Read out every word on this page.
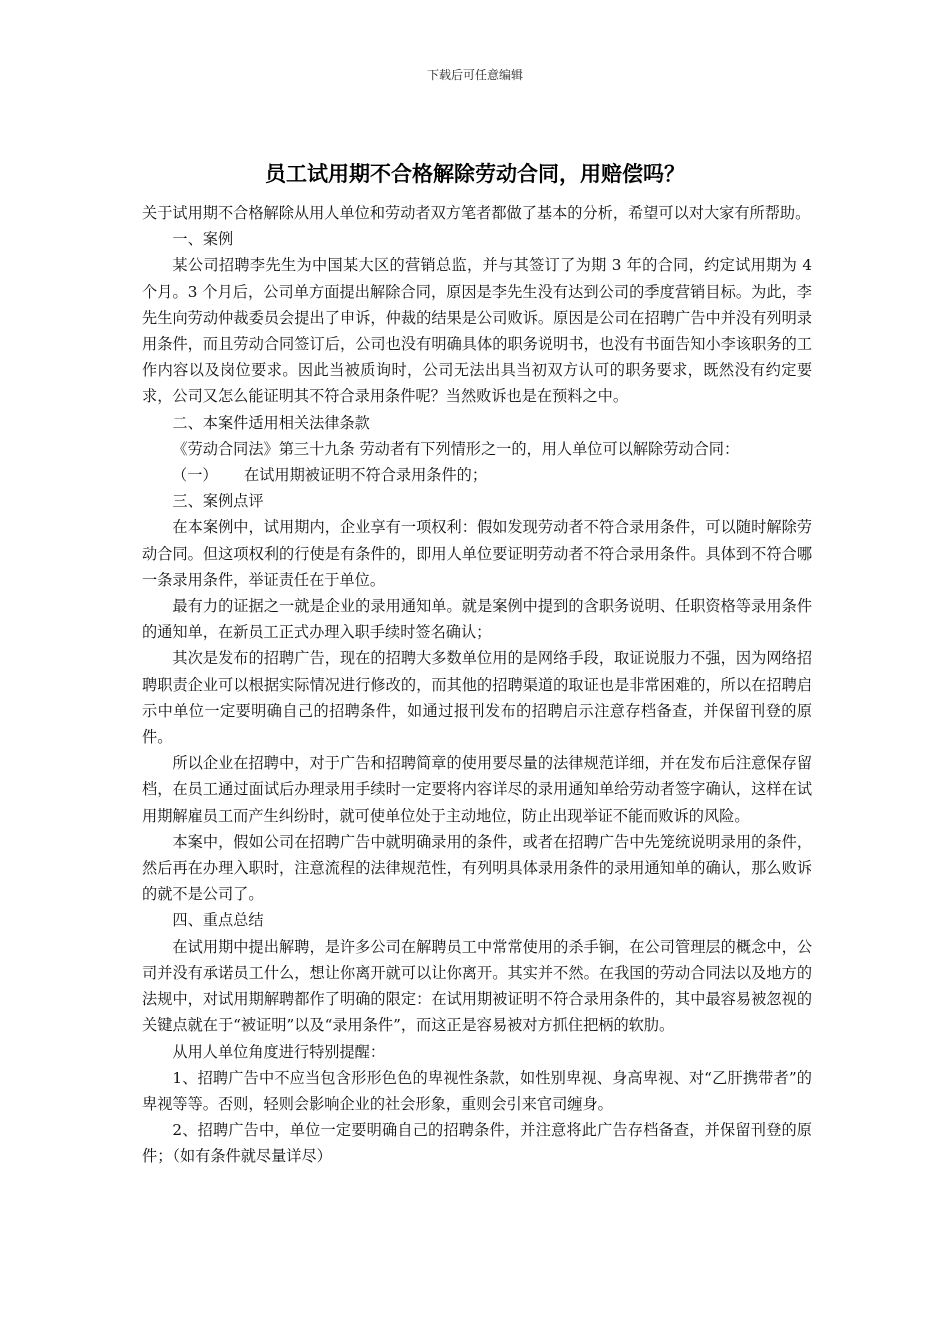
下载后可任意编辑
员工试用期不合格解除劳动合同，用赔偿吗？

关于试用期不合格解除从用人单位和劳动者双方笔者都做了基本的分析，希望可以对大家有所帮助。

一、案例

某公司招聘李先生为中国某大区的营销总监，并与其签订了为期 3 年的合同，约定试用期为 4 个月。3 个月后，公司单方面提出解除合同，原因是李先生没有达到公司的季度营销目标。为此，李先生向劳动仲裁委员会提出了申诉，仲裁的结果是公司败诉。原因是公司在招聘广告中并没有列明录用条件，而且劳动合同签订后，公司也没有明确具体的职务说明书，也没有书面告知小李该职务的工作内容以及岗位要求。因此当被质询时，公司无法出具当初双方认可的职务要求，既然没有约定要求，公司又怎么能证明其不符合录用条件呢？当然败诉也是在预料之中。

二、本案件适用相关法律条款

《劳动合同法》第三十九条 劳动者有下列情形之一的，用人单位可以解除劳动合同：

（一） 在试用期被证明不符合录用条件的；

三、案例点评

在本案例中，试用期内，企业享有一项权利：假如发现劳动者不符合录用条件，可以随时解除劳动合同。但这项权利的行使是有条件的，即用人单位要证明劳动者不符合录用条件。具体到不符合哪一条录用条件，举证责任在于单位。

最有力的证据之一就是企业的录用通知单。就是案例中提到的含职务说明、任职资格等录用条件的通知单，在新员工正式办理入职手续时签名确认；

其次是发布的招聘广告，现在的招聘大多数单位用的是网络手段，取证说服力不强，因为网络招聘职责企业可以根据实际情况进行修改的，而其他的招聘渠道的取证也是非常困难的，所以在招聘启示中单位一定要明确自己的招聘条件，如通过报刊发布的招聘启示注意存档备查，并保留刊登的原件。

所以企业在招聘中，对于广告和招聘简章的使用要尽量的法律规范详细，并在发布后注意保存留档，在员工通过面试后办理录用手续时一定要将内容详尽的录用通知单给劳动者签字确认，这样在试用期解雇员工而产生纠纷时，就可使单位处于主动地位，防止出现举证不能而败诉的风险。

本案中，假如公司在招聘广告中就明确录用的条件，或者在招聘广告中先笼统说明录用的条件，然后再在办理入职时，注意流程的法律规范性，有列明具体录用条件的录用通知单的确认，那么败诉的就不是公司了。

四、重点总结

在试用期中提出解聘，是许多公司在解聘员工中常常使用的杀手锏，在公司管理层的概念中，公司并没有承诺员工什么，想让你离开就可以让你离开。其实并不然。在我国的劳动合同法以及地方的法规中，对试用期解聘都作了明确的限定：在试用期被证明不符合录用条件的，其中最容易被忽视的关键点就在于“被证明”以及“录用条件”，而这正是容易被对方抓住把柄的软肋。

从用人单位角度进行特别提醒：

1、招聘广告中不应当包含形形色色的卑视性条款，如性别卑视、身高卑视、对“乙肝携带者”的卑视等等。否则，轻则会影响企业的社会形象，重则会引来官司缠身。

2、招聘广告中，单位一定要明确自己的招聘条件，并注意将此广告存档备查，并保留刊登的原件；（如有条件就尽量详尽）
